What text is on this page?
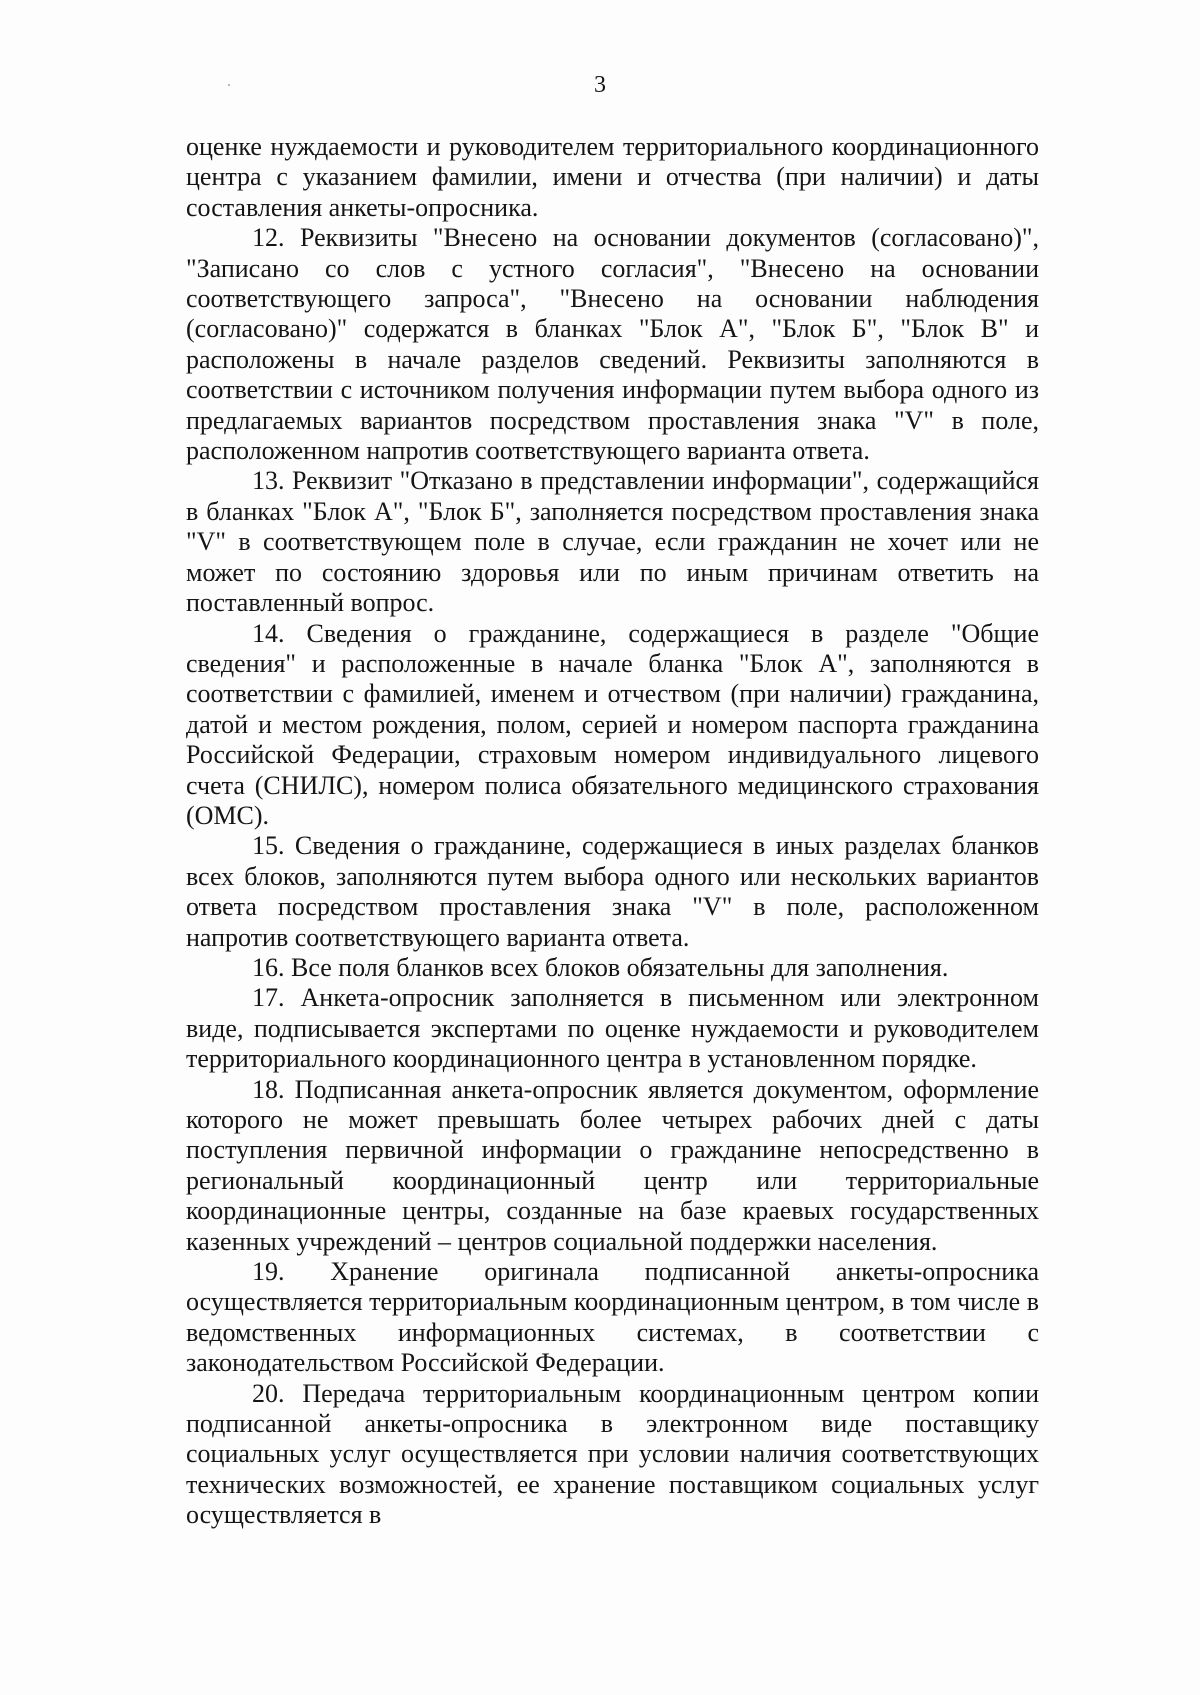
3

оценке нуждаемости и руководителем территориального координационного центра с указанием фамилии, имени и отчества (при наличии) и даты составления анкеты-опросника.

12. Реквизиты "Внесено на основании документов (согласовано)", "Записано со слов с устного согласия", "Внесено на основании соответствующего запроса", "Внесено на основании наблюдения (согласовано)" содержатся в бланках "Блок А", "Блок Б", "Блок В" и расположены в начале разделов сведений. Реквизиты заполняются в соответствии с источником получения информации путем выбора одного из предлагаемых вариантов посредством проставления знака "V" в поле, расположенном напротив соответствующего варианта ответа.

13. Реквизит "Отказано в представлении информации", содержащийся в бланках "Блок А", "Блок Б", заполняется посредством проставления знака "V" в соответствующем поле в случае, если гражданин не хочет или не может по состоянию здоровья или по иным причинам ответить на поставленный вопрос.

14. Сведения о гражданине, содержащиеся в разделе "Общие сведения" и расположенные в начале бланка "Блок А", заполняются в соответствии с фамилией, именем и отчеством (при наличии) гражданина, датой и местом рождения, полом, серией и номером паспорта гражданина Российской Федерации, страховым номером индивидуального лицевого счета (СНИЛС), номером полиса обязательного медицинского страхования (ОМС).

15. Сведения о гражданине, содержащиеся в иных разделах бланков всех блоков, заполняются путем выбора одного или нескольких вариантов ответа посредством проставления знака "V" в поле, расположенном напротив соответствующего варианта ответа.

16. Все поля бланков всех блоков обязательны для заполнения.

17. Анкета-опросник заполняется в письменном или электронном виде, подписывается экспертами по оценке нуждаемости и руководителем территориального координационного центра в установленном порядке.

18. Подписанная анкета-опросник является документом, оформление которого не может превышать более четырех рабочих дней с даты поступления первичной информации о гражданине непосредственно в региональный координационный центр или территориальные координационные центры, созданные на базе краевых государственных казенных учреждений – центров социальной поддержки населения.

19. Хранение оригинала подписанной анкеты-опросника осуществляется территориальным координационным центром, в том числе в ведомственных информационных системах, в соответствии с законодательством Российской Федерации.

20. Передача территориальным координационным центром копии подписанной анкеты-опросника в электронном виде поставщику социальных услуг осуществляется при условии наличия соответствующих технических возможностей, ее хранение поставщиком социальных услуг осуществляется в
